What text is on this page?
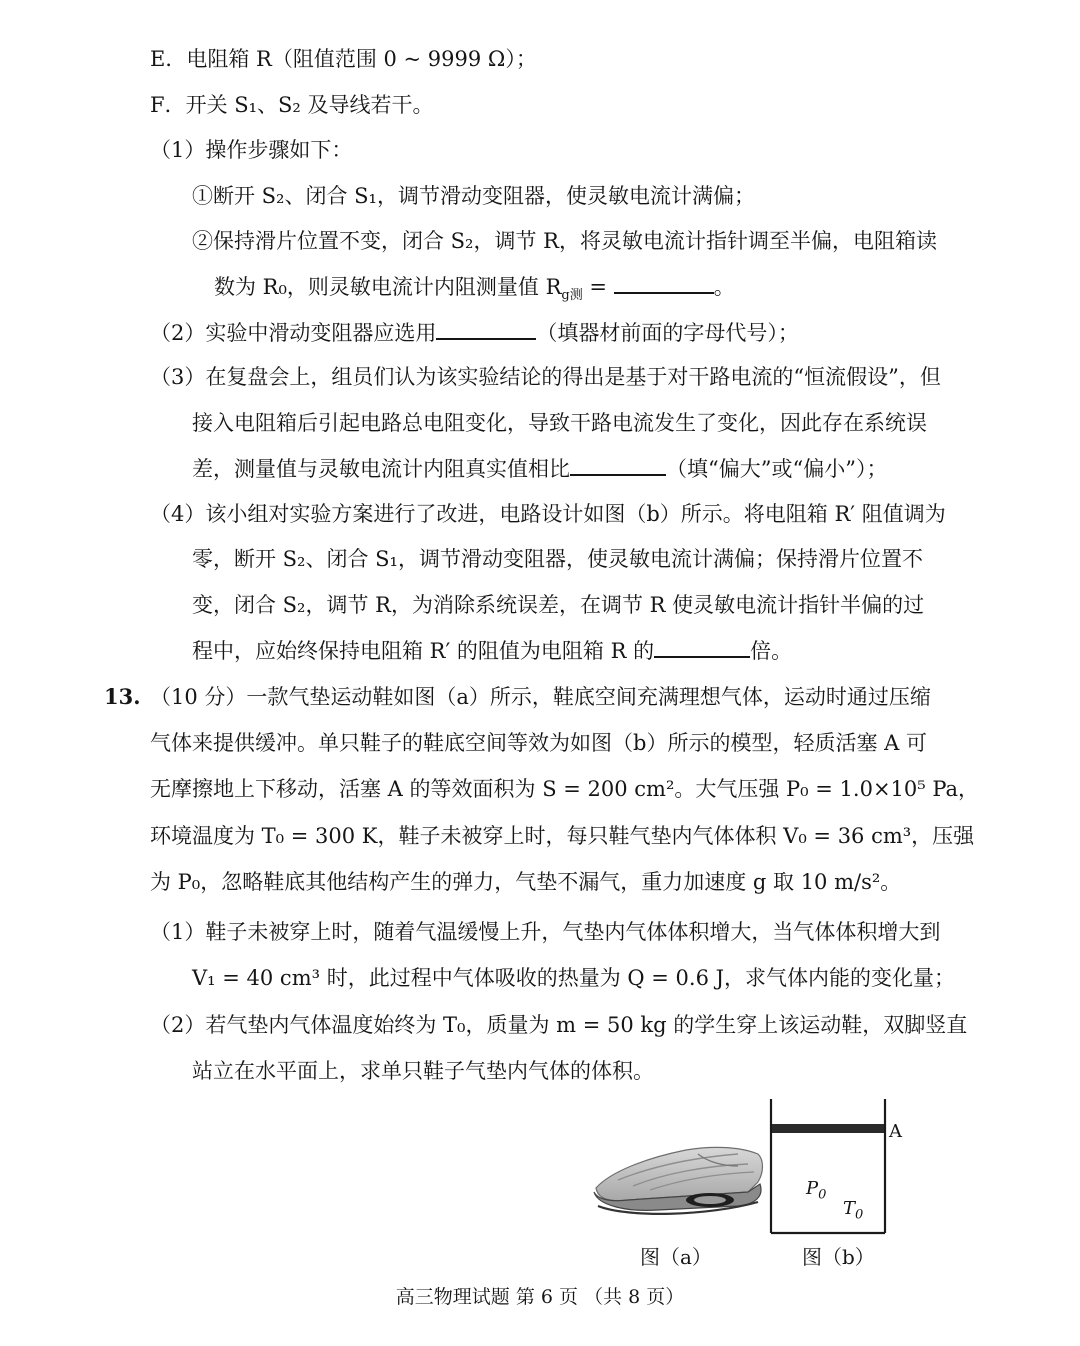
E．电阻箱 R（阻值范围 0 ~ 9999 Ω）；
F．开关 S₁、S₂ 及导线若干。
（1）操作步骤如下：
①断开 S₂、闭合 S₁，调节滑动变阻器，使灵敏电流计满偏；
②保持滑片位置不变，闭合 S₂，调节 R，将灵敏电流计指针调至半偏，电阻箱读
数为 R₀，则灵敏电流计内阻测量值 $R_{g测}$ =	。
（2）实验中滑动变阻器应选用	（填器材前面的字母代号）；
（3）在复盘会上，组员们认为该实验结论的得出是基于对干路电流的“恒流假设”，但
接入电阻箱后引起电路总电阻变化，导致干路电流发生了变化，因此存在系统误
差，测量值与灵敏电流计内阻真实值相比	（填“偏大”或“偏小”）；
（4）该小组对实验方案进行了改进，电路设计如图（b）所示。将电阻箱 R′ 阻值调为
零，断开 S₂、闭合 S₁，调节滑动变阻器，使灵敏电流计满偏；保持滑片位置不
变，闭合 S₂，调节 R，为消除系统误差，在调节 R 使灵敏电流计指针半偏的过
程中，应始终保持电阻箱 R′ 的阻值为电阻箱 R 的	倍。
13. （10 分）一款气垫运动鞋如图（a）所示，鞋底空间充满理想气体，运动时通过压缩
气体来提供缓冲。单只鞋子的鞋底空间等效为如图（b）所示的模型，轻质活塞 A 可
无摩擦地上下移动，活塞 A 的等效面积为 S = 200 cm²。大气压强 P₀ = 1.0×10⁵ Pa，
环境温度为 T₀ = 300 K，鞋子未被穿上时，每只鞋气垫内气体体积 V₀ = 36 cm³，压强
为 P₀，忽略鞋底其他结构产生的弹力，气垫不漏气，重力加速度 g 取 10 m/s²。
（1）鞋子未被穿上时，随着气温缓慢上升，气垫内气体体积增大，当气体体积增大到
V₁ = 40 cm³ 时，此过程中气体吸收的热量为 Q = 0.6 J，求气体内能的变化量；
（2）若气垫内气体温度始终为 T₀，质量为 m = 50 kg 的学生穿上该运动鞋，双脚竖直
站立在水平面上，求单只鞋子气垫内气体的体积。
图（a）
A
$P_0$
$T_0$
图（b）
高三物理试题 第 6 页 （共 8 页）
